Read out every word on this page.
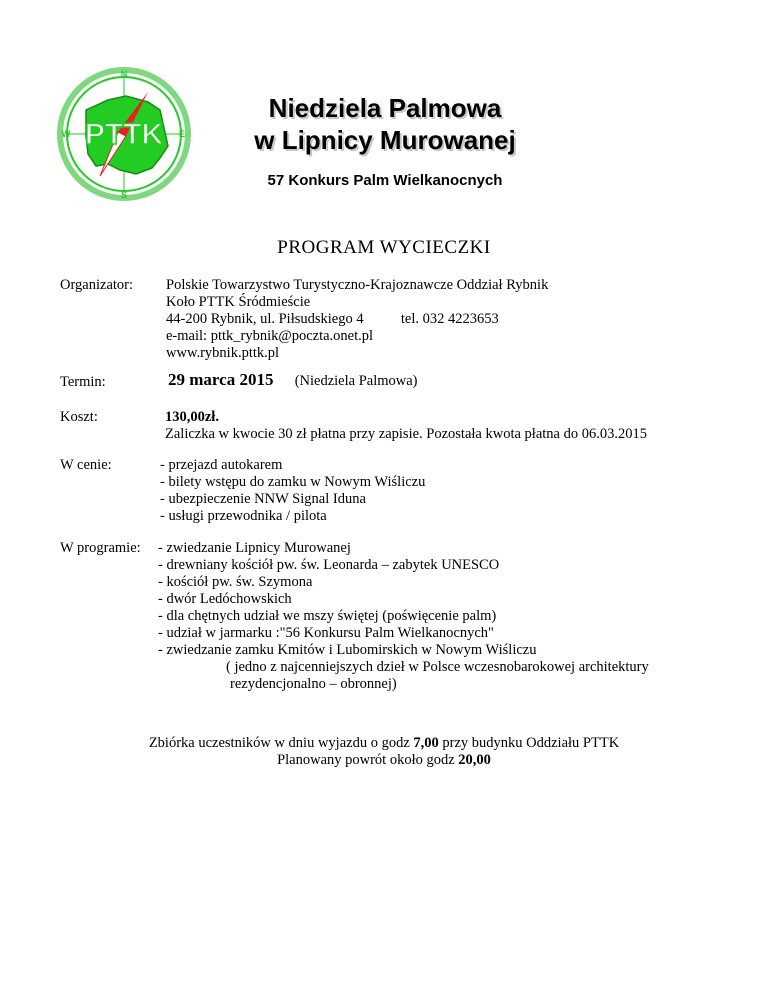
N
E
S
W PTTK
Niedziela Palmowa
w Lipnicy Murowanej
57 Konkurs Palm Wielkanocnych
PROGRAM WYCIECZKI
Organizator: Polskie Towarzystwo Turystyczno-Krajoznawcze Oddział Rybnik
Koło PTTK Śródmieście
44-200 Rybnik, ul. Piłsudskiego 4	tel. 032 4223653
e-mail: pttk_rybnik@poczta.onet.pl
www.rybnik.pttk.pl
Termin:	29 marca 2015 (Niedziela Palmowa)
Koszt:	130,00zł.
Zaliczka w kwocie 30 zł płatna przy zapisie. Pozostała kwota płatna do 06.03.2015
W cenie:	- przejazd autokarem
- bilety wstępu do zamku w Nowym Wiśliczu
- ubezpieczenie NNW Signal Iduna
- usługi przewodnika / pilota
W programie: - zwiedzanie Lipnicy Murowanej
- drewniany kościół pw. św. Leonarda – zabytek UNESCO
- kościół pw. św. Szymona
- dwór Ledóchowskich
- dla chętnych udział we mszy świętej (poświęcenie palm)
- udział w jarmarku :"56 Konkursu Palm Wielkanocnych"
- zwiedzanie zamku Kmitów i Lubomirskich w Nowym Wiśliczu
( jedno z najcenniejszych dzieł w Polsce wczesnobarokowej architektury
rezydencjonalno – obronnej)
Zbiórka uczestników w dniu wyjazdu o godz 7,00 przy budynku Oddziału PTTK
Planowany powrót około godz 20,00
